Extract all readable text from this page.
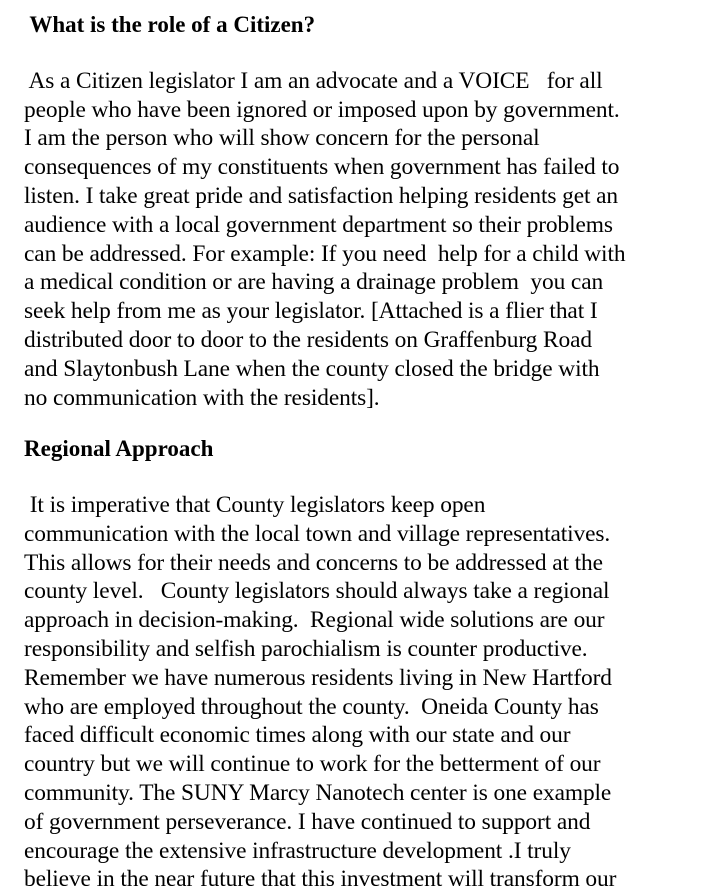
What is the role of a Citizen?

As a Citizen legislator I am an advocate and a VOICE   for all

people who have been ignored or imposed upon by government.

I am the person who will show concern for the personal

consequences of my constituents when government has failed to

listen. I take great pride and satisfaction helping residents get an

audience with a local government department so their problems

can be addressed. For example: If you need  help for a child with

a medical condition or are having a drainage problem  you can

seek help from me as your legislator. [Attached is a flier that I

distributed door to door to the residents on Graffenburg Road

and Slaytonbush Lane when the county closed the bridge with

no communication with the residents].

Regional Approach

It is imperative that County legislators keep open

communication with the local town and village representatives.

This allows for their needs and concerns to be addressed at the

county level.   County legislators should always take a regional

approach in decision-making.  Regional wide solutions are our

responsibility and selfish parochialism is counter productive.

Remember we have numerous residents living in New Hartford

who are employed throughout the county.  Oneida County has

faced difficult economic times along with our state and our

country but we will continue to work for the betterment of our

community. The SUNY Marcy Nanotech center is one example

of government perseverance. I have continued to support and

encourage the extensive infrastructure development .I truly

believe in the near future that this investment will transform our
